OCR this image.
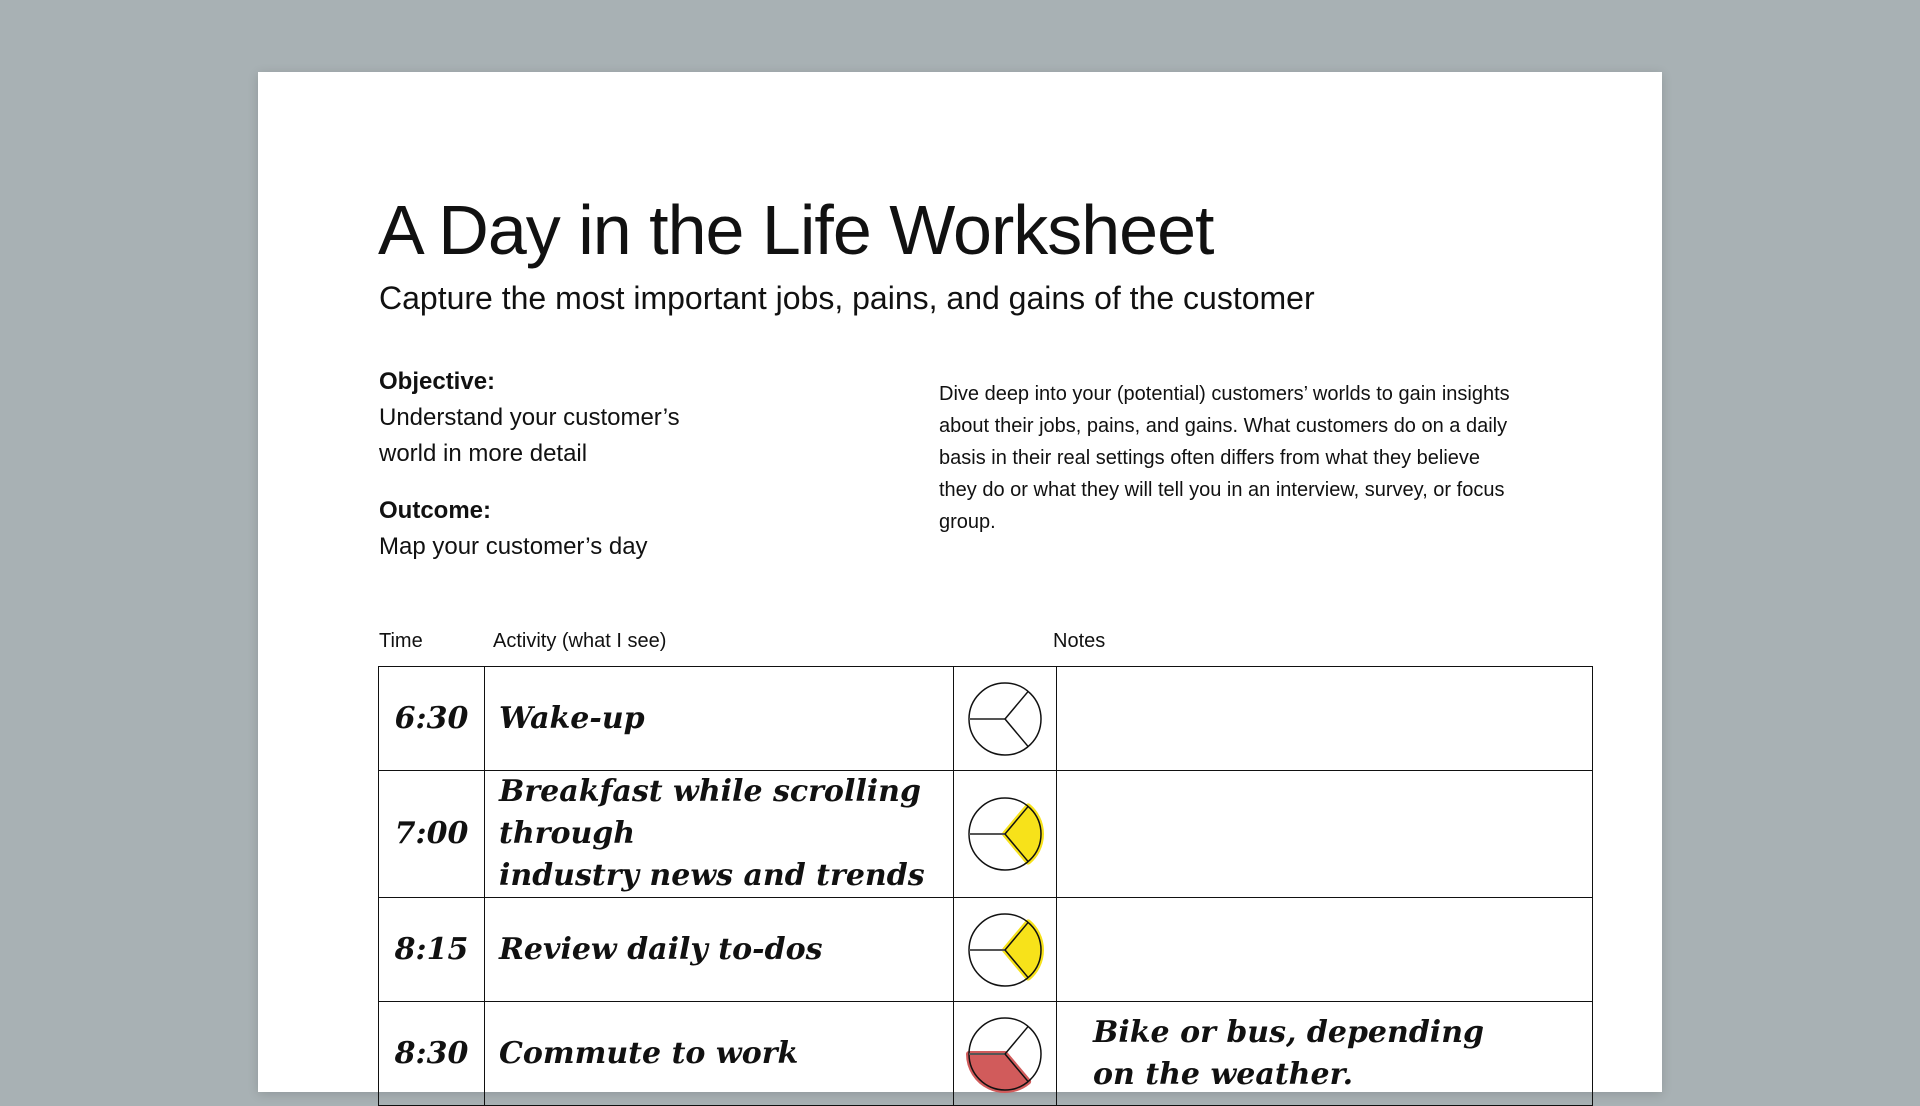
A Day in the Life Worksheet
Capture the most important jobs, pains, and gains of the customer
Objective:
Understand your customer’s
world in more detail
Outcome:
Map your customer’s day
Dive deep into your (potential) customers’ worlds to gain insights about their jobs, pains, and gains. What customers do on a daily basis in their real settings often differs from what they believe they do or what they will tell you in an interview, survey, or focus group.
Time	Activity (what I see)	Notes
6:30	Wake-up

7:00	Breakfast while scrolling through
industry news and trends

8:15	Review daily to-dos

8:30	Commute to work		Bike or bus, depending
on the weather.
